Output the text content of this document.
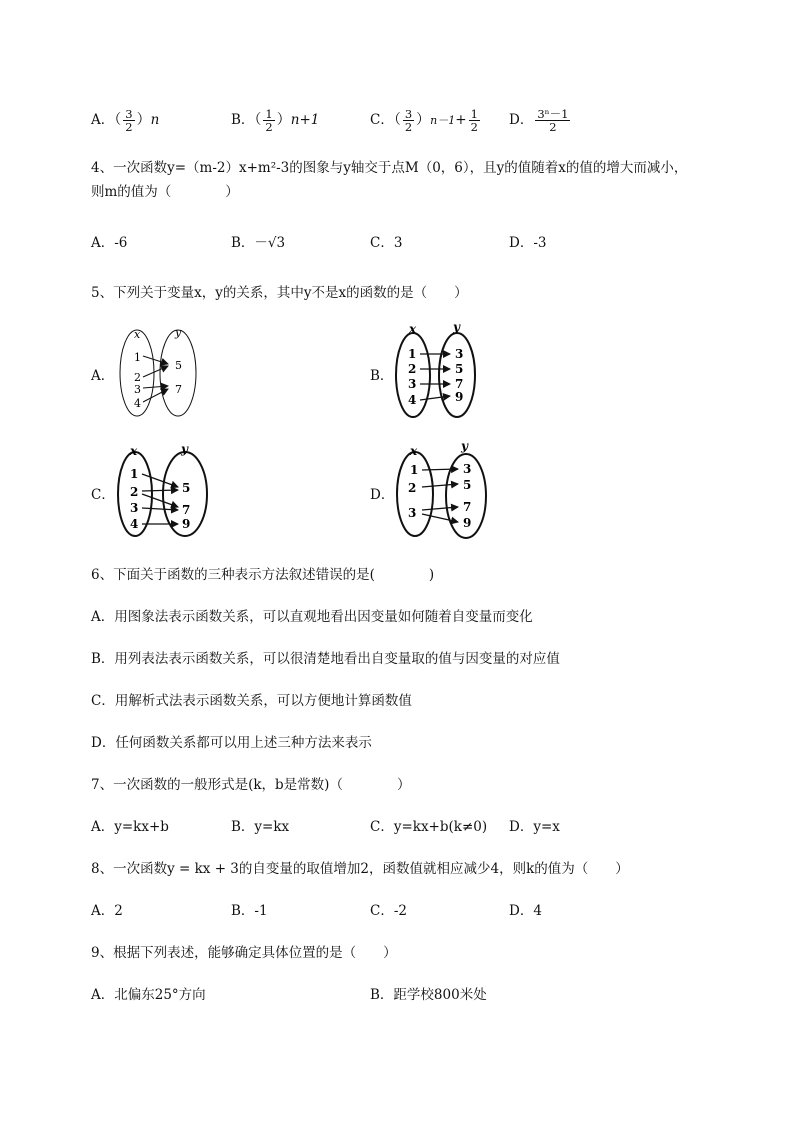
A．（ $\frac{3}{2} )n$	B．（ $\frac{1}{2} )n+1$	C．（ $\frac{3}{2} )n-1+ \frac{1}{2}$ D． $\frac{\text{3ⁿ－1}}{2}$
4、一次函数y=（m-2）x+m²-3的图象与y轴交于点M（0，6），且y的值随着x的值的增大而减小，
则m的值为（　　　　）
A．-6	B．－√3	C．3	D．-3
5、下列关于变量x，y的关系，其中y不是x的函数的是（　　）
A．	B．
C．	D．
x	y
1
2
3
4
5
7
x	y
1
2
3
4
3
5
7
9
x	y
1
2
3
4
5
7
9
x	y
1
2
3
3
5
7
9
6、下面关于函数的三种表示方法叙述错误的是(　　　　)
A．用图象法表示函数关系，可以直观地看出因变量如何随着自变量而变化
B．用列表法表示函数关系，可以很清楚地看出自变量取的值与因变量的对应值
C．用解析式法表示函数关系，可以方便地计算函数值
D．任何函数关系都可以用上述三种方法来表示
7、一次函数的一般形式是(k，b是常数)（　　　　）
A．y=kx+b	B．y=kx	C．y=kx+b(k≠0) D．y=x
8、一次函数y = kx + 3的自变量的取值增加2，函数值就相应减少4，则k的值为（　　）
A．2	B．-1	C．-2	D．4
9、根据下列表述，能够确定具体位置的是（　　）
A．北偏东25°方向	B．距学校800米处
